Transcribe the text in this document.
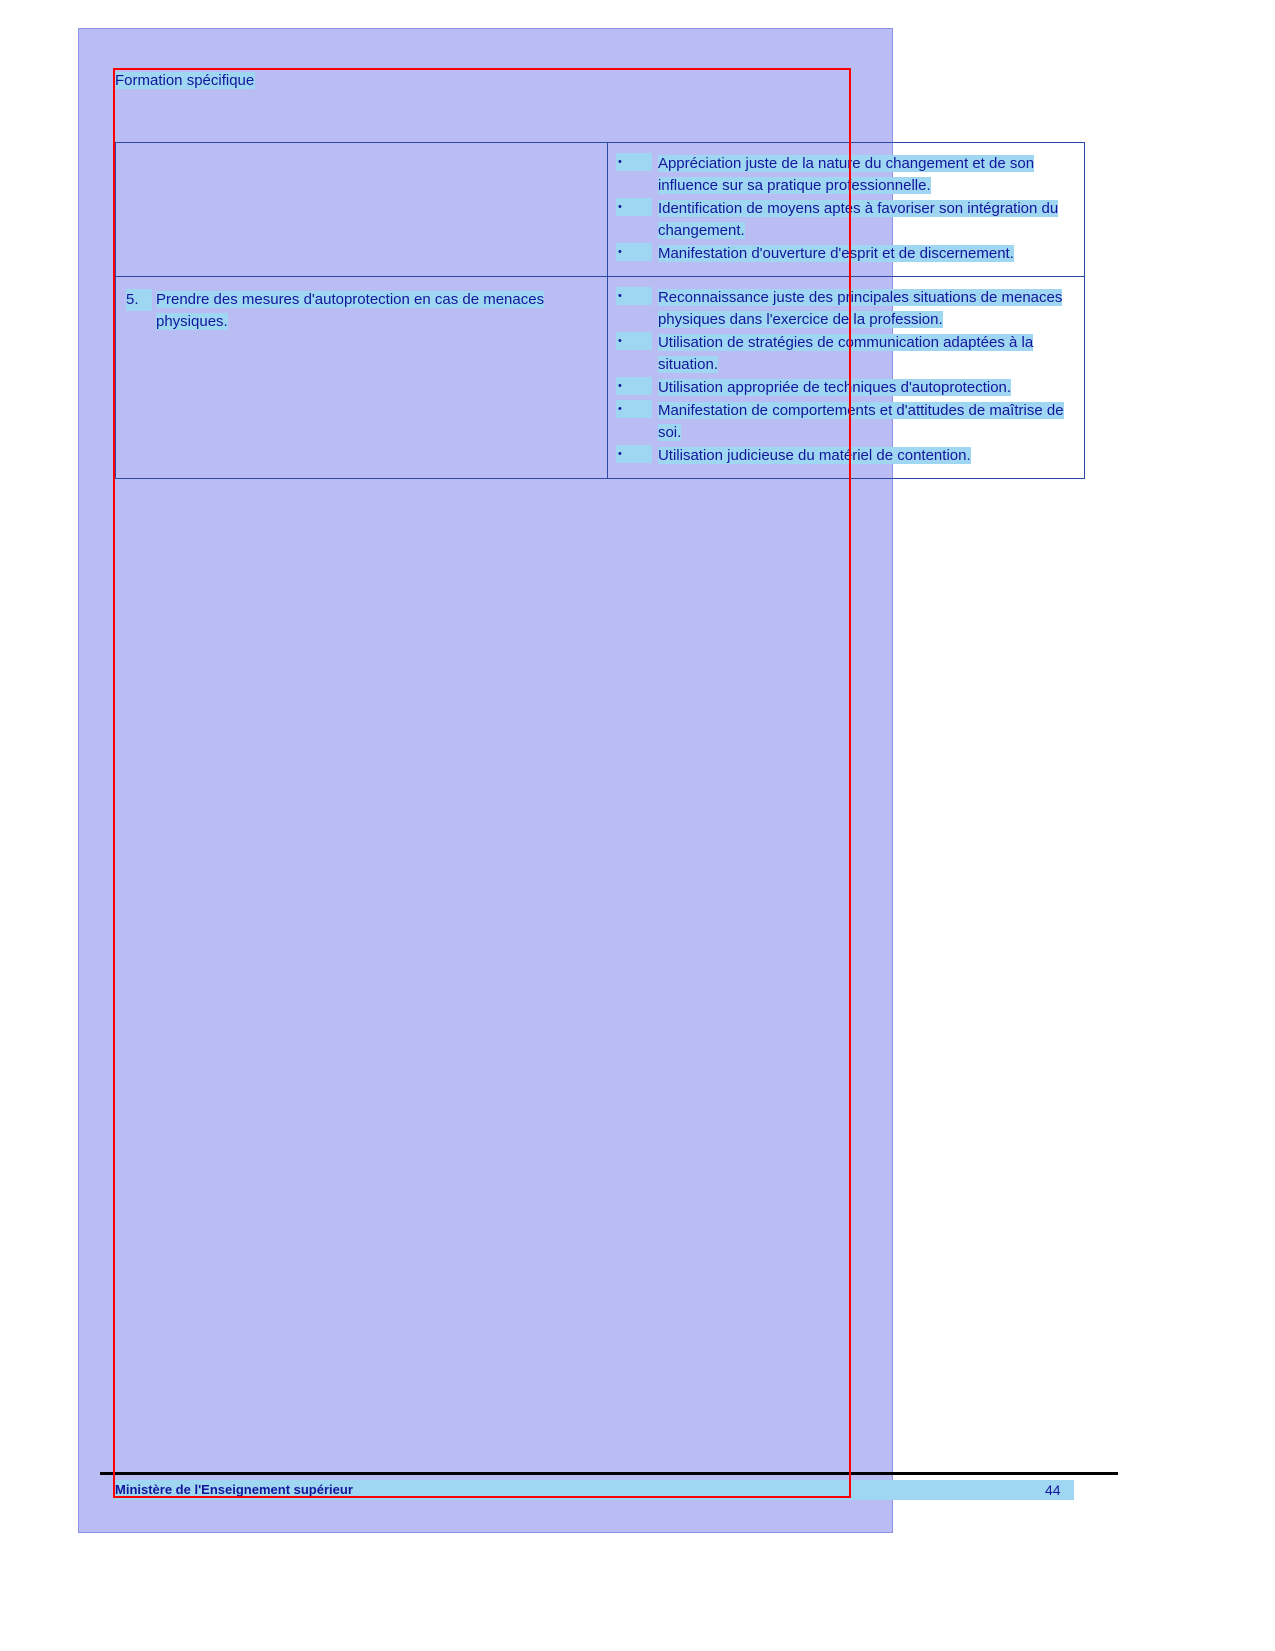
Formation spécifique

•	Appréciation juste de la nature du changement et de son influence sur sa pratique professionnelle.
•	Identification de moyens aptes à favoriser son intégration du changement.
•	Manifestation d'ouverture d'esprit et de discernement.

5.	Prendre des mesures d'autoprotection en cas de menaces physiques.

•	Reconnaissance juste des principales situations de menaces physiques dans l'exercice de la profession.
•	Utilisation de stratégies de communication adaptées à la situation.
•	Utilisation appropriée de techniques d'autoprotection.
•	Manifestation de comportements et d'attitudes de maîtrise de soi.
•	Utilisation judicieuse du matériel de contention.
Ministère de l'Enseignement supérieur	44
